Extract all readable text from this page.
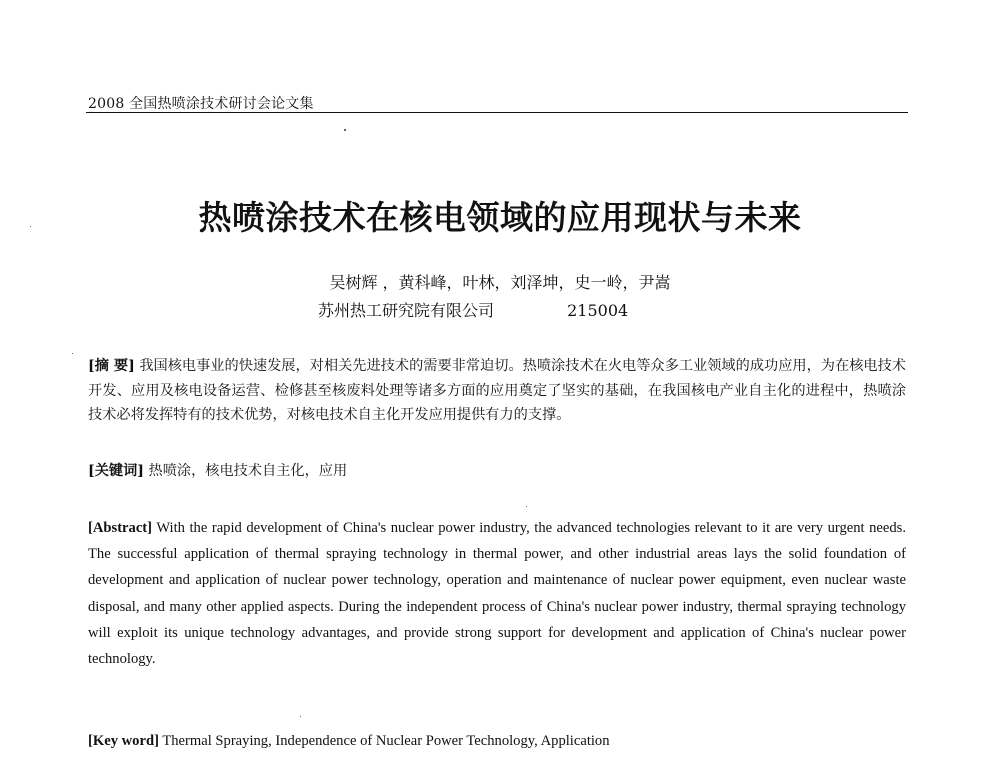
2008 全国热喷涂技术研讨会论文集
热喷涂技术在核电领域的应用现状与未来
吴树辉 ，黄科峰，叶林，刘泽坤，史一岭，尹嵩
苏州热工研究院有限公司	215004
[摘 要] 我国核电事业的快速发展，对相关先进技术的需要非常迫切。热喷涂技术在火电等众多工业领域的成功应用，为在核电技术开发、应用及核电设备运营、检修甚至核废料处理等诸多方面的应用奠定了坚实的基础，在我国核电产业自主化的进程中，热喷涂技术必将发挥特有的技术优势，对核电技术自主化开发应用提供有力的支撑。
[关键词] 热喷涂，核电技术自主化，应用
[Abstract] With the rapid development of China's nuclear power industry, the advanced technologies relevant to it are very urgent needs. The successful application of thermal spraying technology in thermal power, and other industrial areas lays the solid foundation of development and application of nuclear power technology, operation and maintenance of nuclear power equipment, even nuclear waste disposal, and many other applied aspects. During the independent process of China's nuclear power industry, thermal spraying technology will exploit its unique technology advantages, and provide strong support for development and application of China's nuclear power technology.
[Key word] Thermal Spraying, Independence of Nuclear Power Technology, Application
